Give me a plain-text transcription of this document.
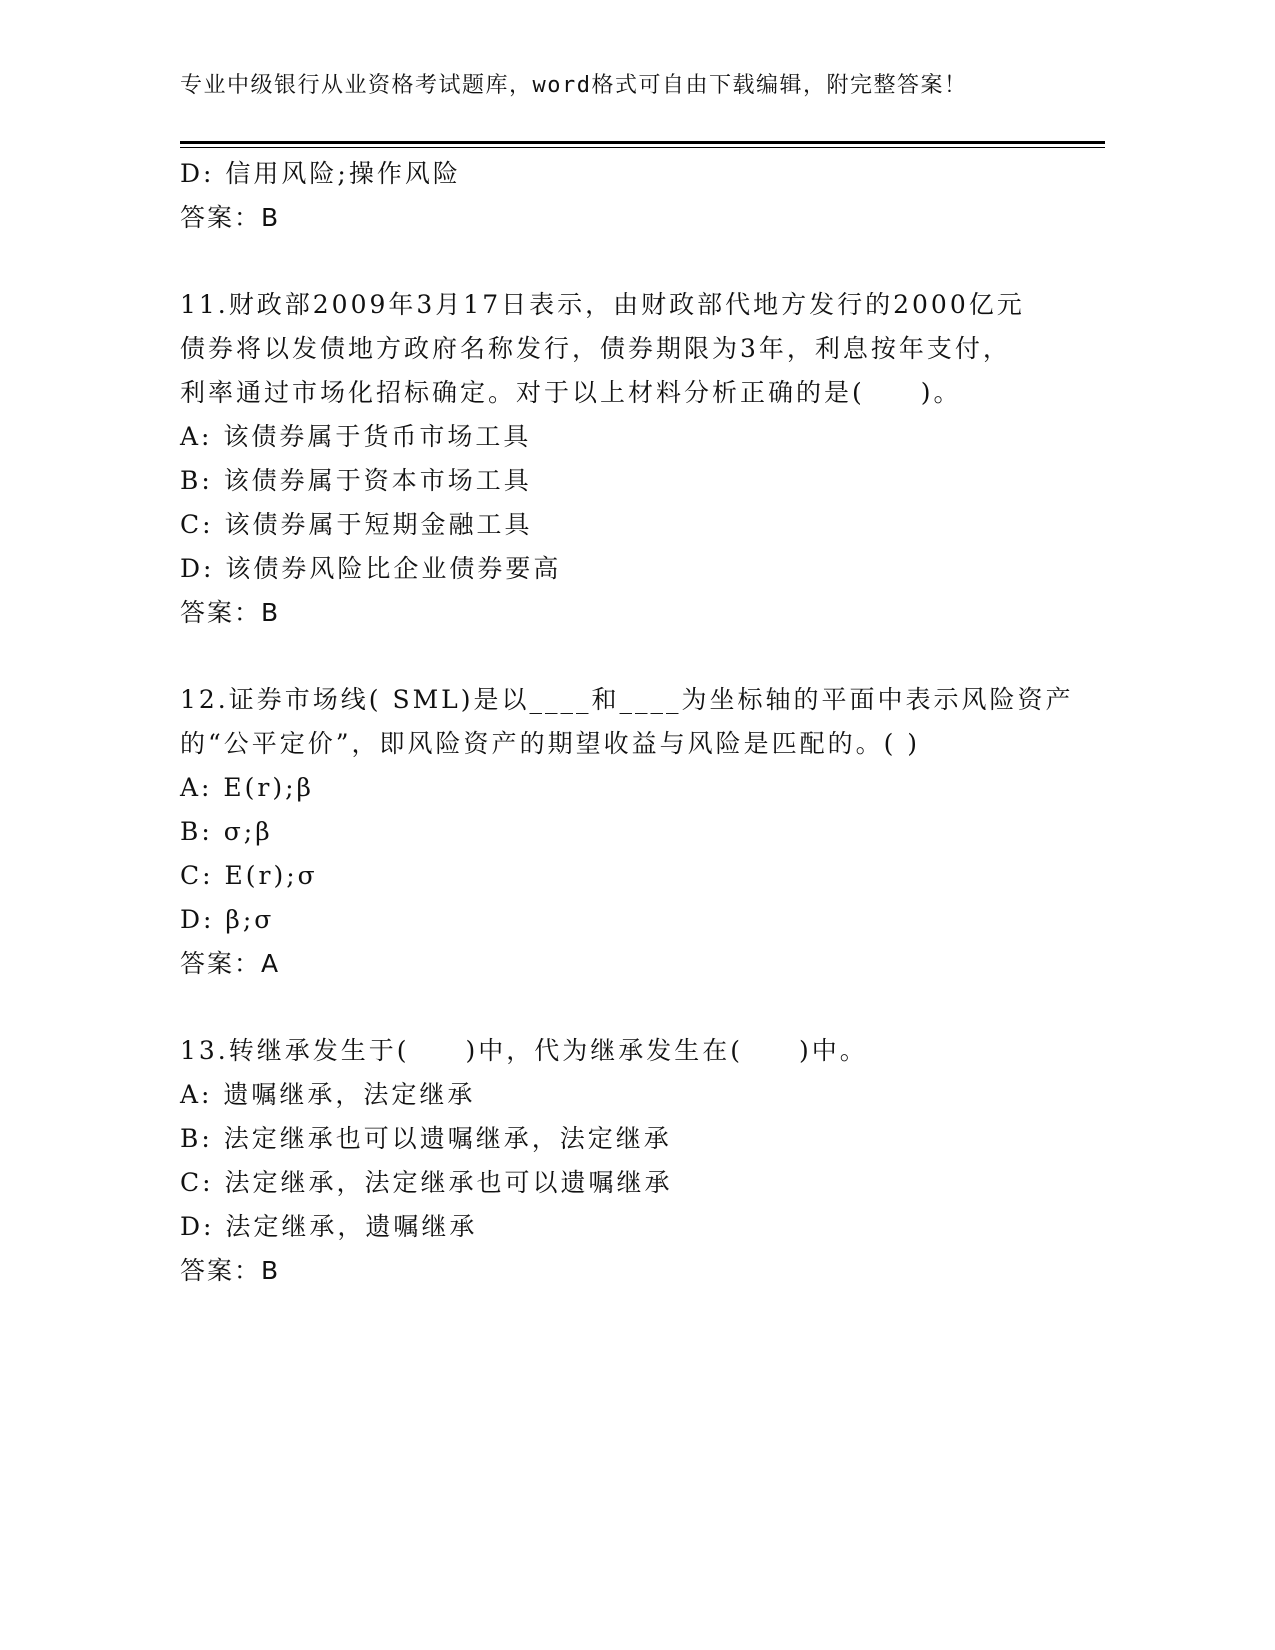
专业中级银行从业资格考试题库，word格式可自由下载编辑，附完整答案！
D: 信用风险;操作风险
答案：B
11.财政部2009年3月17日表示，由财政部代地方发行的2000亿元
债券将以发债地方政府名称发行，债券期限为3年，利息按年支付，
利率通过市场化招标确定。对于以上材料分析正确的是(　　)。
A: 该债券属于货币市场工具
B: 该债券属于资本市场工具
C: 该债券属于短期金融工具
D: 该债券风险比企业债券要高
答案：B
12.证券市场线( SML)是以____和____为坐标轴的平面中表示风险资产
的“公平定价”，即风险资产的期望收益与风险是匹配的。( )
A: E(r);β
B: σ;β
C: E(r);σ
D: β;σ
答案：A
13.转继承发生于(　　)中，代为继承发生在(　　)中。
A: 遗嘱继承，法定继承
B: 法定继承也可以遗嘱继承，法定继承
C: 法定继承，法定继承也可以遗嘱继承
D: 法定继承，遗嘱继承
答案：B
